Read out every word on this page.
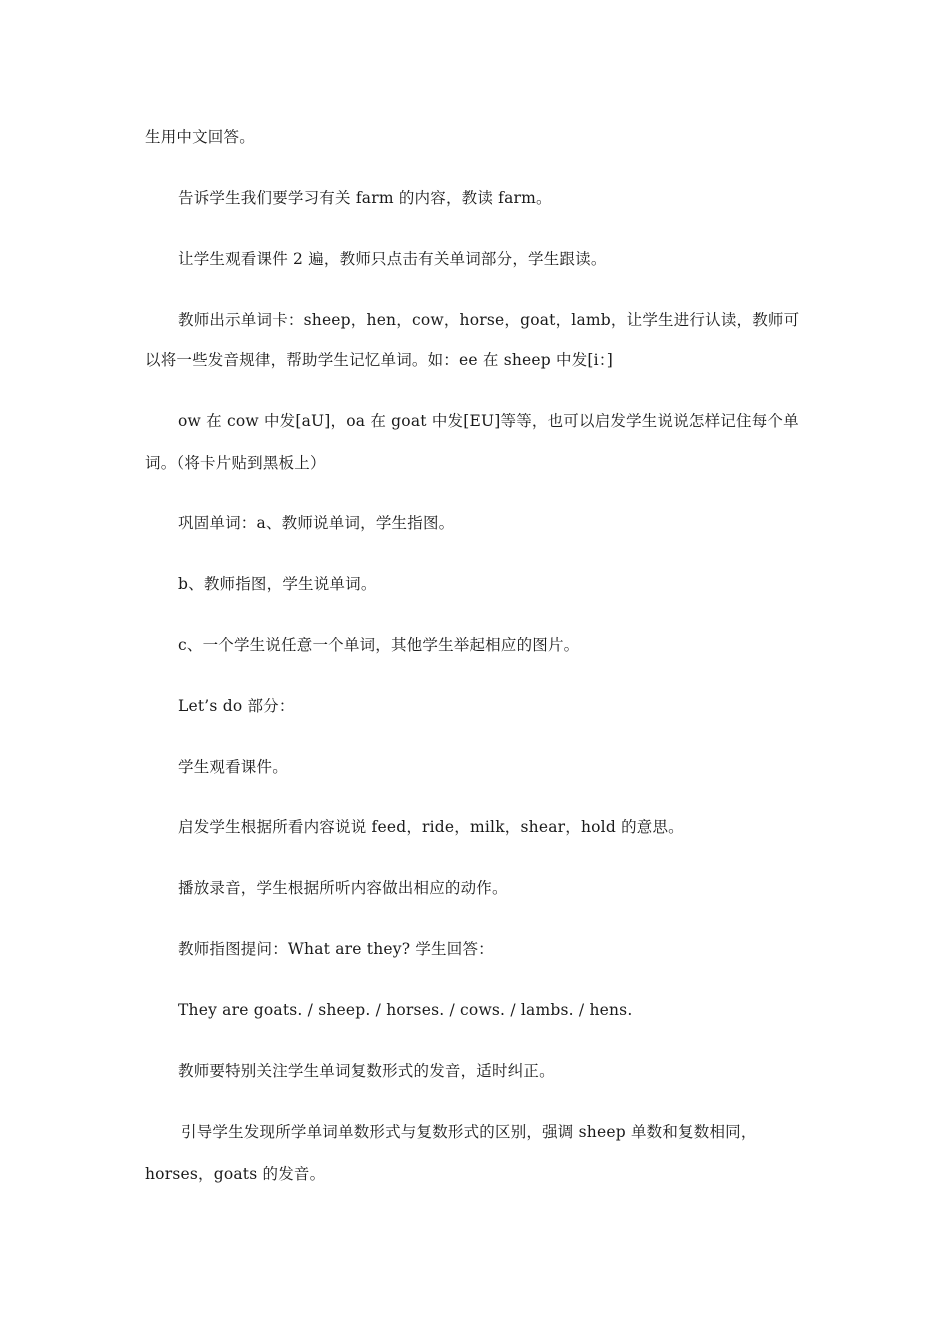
生用中文回答。
告诉学生我们要学习有关 farm 的内容，教读 farm。
让学生观看课件 2 遍，教师只点击有关单词部分，学生跟读。
教师出示单词卡：sheep，hen，cow，horse，goat，lamb，让学生进行认读，教师可
以将一些发音规律，帮助学生记忆单词。如：ee 在 sheep 中发[i：]
ow 在 cow 中发[aU]，oa 在 goat 中发[EU]等等，也可以启发学生说说怎样记住每个单
词。（将卡片贴到黑板上）
巩固单词：a、教师说单词，学生指图。
b、教师指图，学生说单词。
c、一个学生说任意一个单词，其他学生举起相应的图片。
Let’s do 部分：
学生观看课件。
启发学生根据所看内容说说 feed，ride，milk，shear，hold 的意思。
播放录音，学生根据所听内容做出相应的动作。
教师指图提问：What are they? 学生回答：
They are goats. / sheep. / horses. / cows. / lambs. / hens.
教师要特别关注学生单词复数形式的发音，适时纠正。
引导学生发现所学单词单数形式与复数形式的区别，强调 sheep 单数和复数相同，
horses，goats 的发音。
